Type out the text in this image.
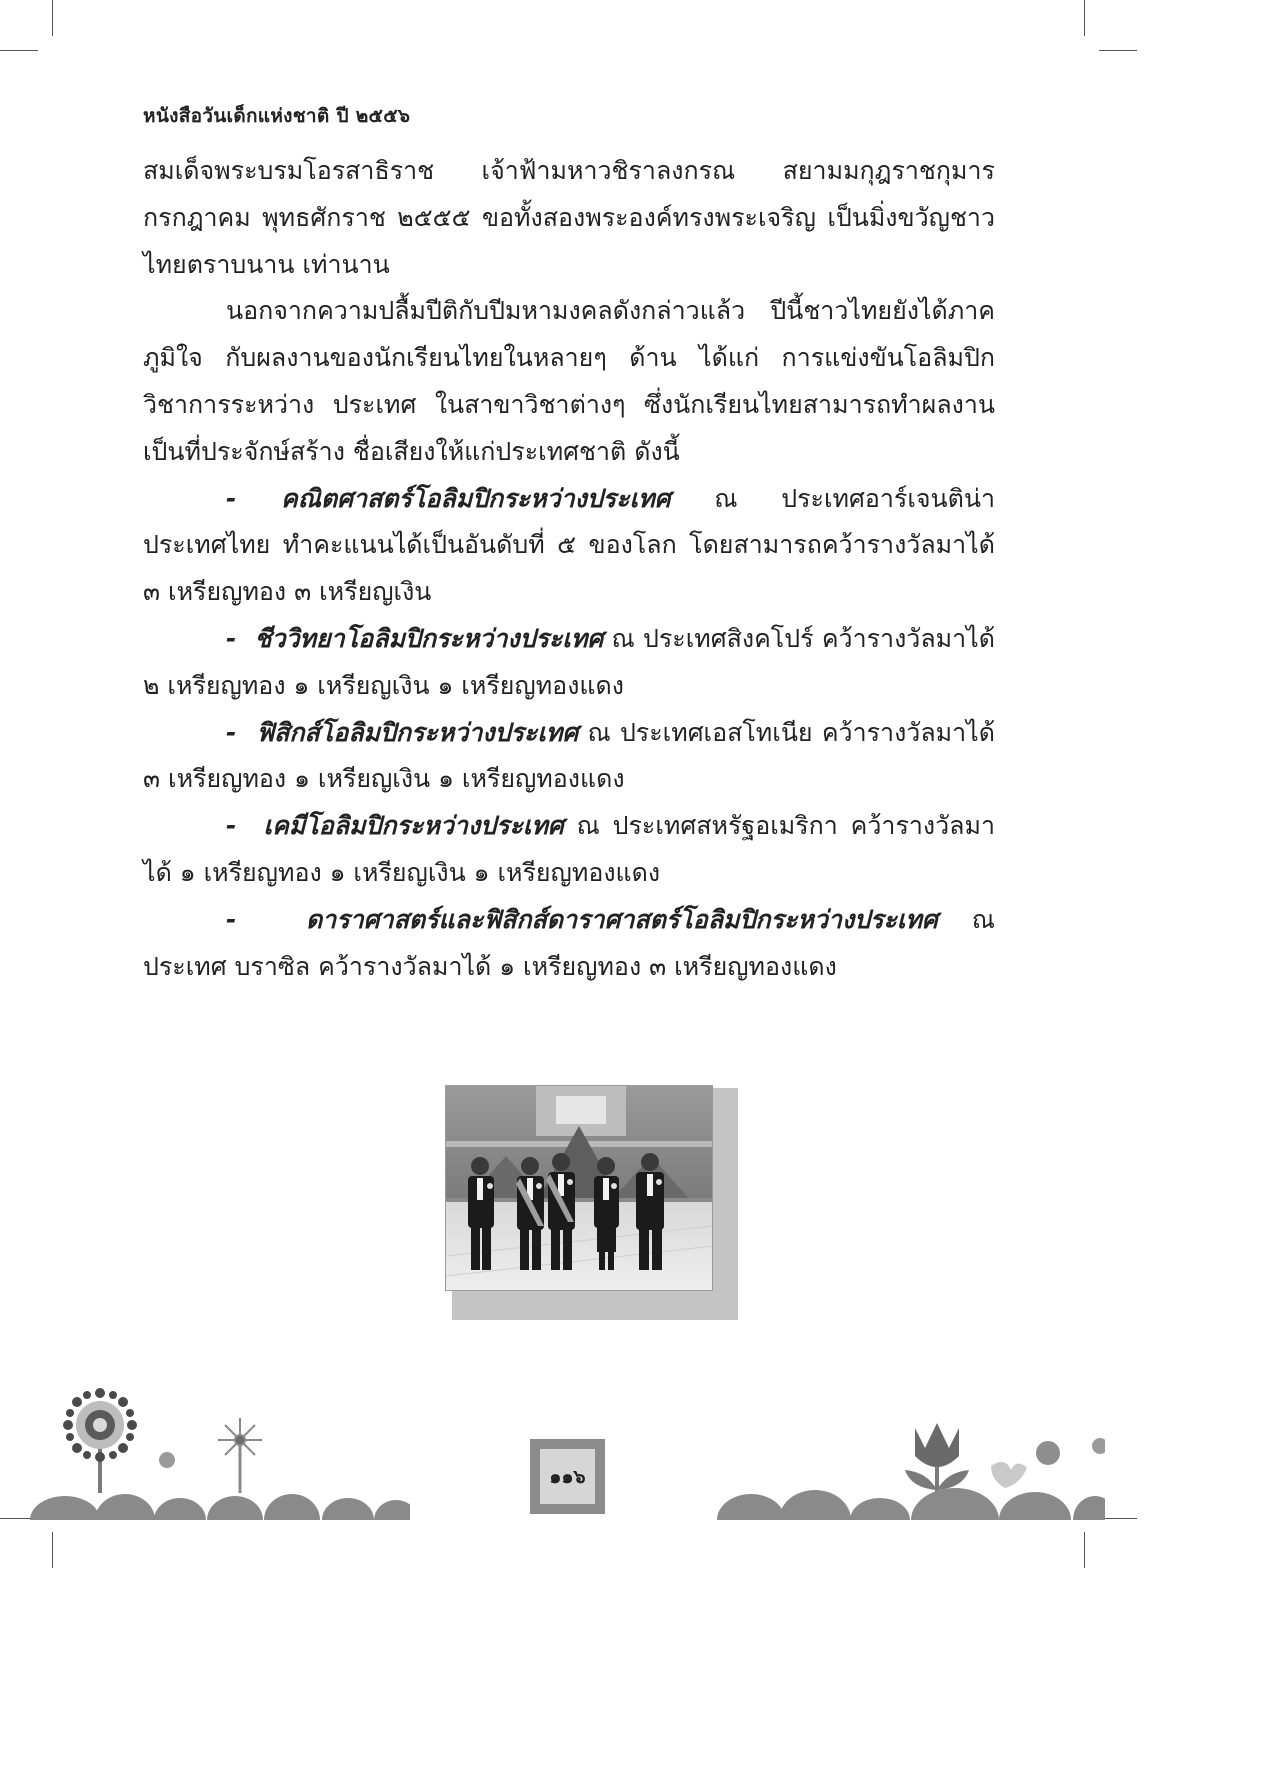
หนังสือวันเด็กแห่งชาติ ปี ๒๕๕๖

สมเด็จพระบรมโอรสาธิราช เจ้าฟ้ามหาวชิราลงกรณ สยามมกุฎราชกุมาร กรกฎาคม พุทธศักราช ๒๕๕๕ ขอทั้งสองพระองค์ทรงพระเจริญ เป็นมิ่งขวัญชาวไทยตราบนาน เท่านาน

นอกจากความปลื้มปีติกับปีมหามงคลดังกล่าวแล้ว ปีนี้ชาวไทยยังได้ภาคภูมิใจ กับผลงานของนักเรียนไทยในหลายๆ ด้าน ได้แก่ การแข่งขันโอลิมปิกวิชาการระหว่าง ประเทศ ในสาขาวิชาต่างๆ ซึ่งนักเรียนไทยสามารถทำผลงานเป็นที่ประจักษ์สร้าง ชื่อเสียงให้แก่ประเทศชาติ ดังนี้

- คณิตศาสตร์โอลิมปิกระหว่างประเทศ ณ ประเทศอาร์เจนติน่า ประเทศไทย ทำคะแนนได้เป็นอันดับที่ ๕ ของโลก โดยสามารถคว้ารางวัลมาได้ ๓ เหรียญทอง ๓ เหรียญเงิน

- ชีววิทยาโอลิมปิกระหว่างประเทศ ณ ประเทศสิงคโปร์ คว้ารางวัลมาได้ ๒ เหรียญทอง ๑ เหรียญเงิน ๑ เหรียญทองแดง

- ฟิสิกส์โอลิมปิกระหว่างประเทศ ณ ประเทศเอสโทเนีย คว้ารางวัลมาได้ ๓ เหรียญทอง ๑ เหรียญเงิน ๑ เหรียญทองแดง

- เคมีโอลิมปิกระหว่างประเทศ ณ ประเทศสหรัฐอเมริกา คว้ารางวัลมาได้ ๑ เหรียญทอง ๑ เหรียญเงิน ๑ เหรียญทองแดง

-	ดาราศาสตร์และฟิสิกส์ดาราศาสตร์โอลิมปิกระหว่างประเทศ ณ ประเทศ บราซิล คว้ารางวัลมาได้ ๑ เหรียญทอง ๓ เหรียญทองแดง

๑๑๖
